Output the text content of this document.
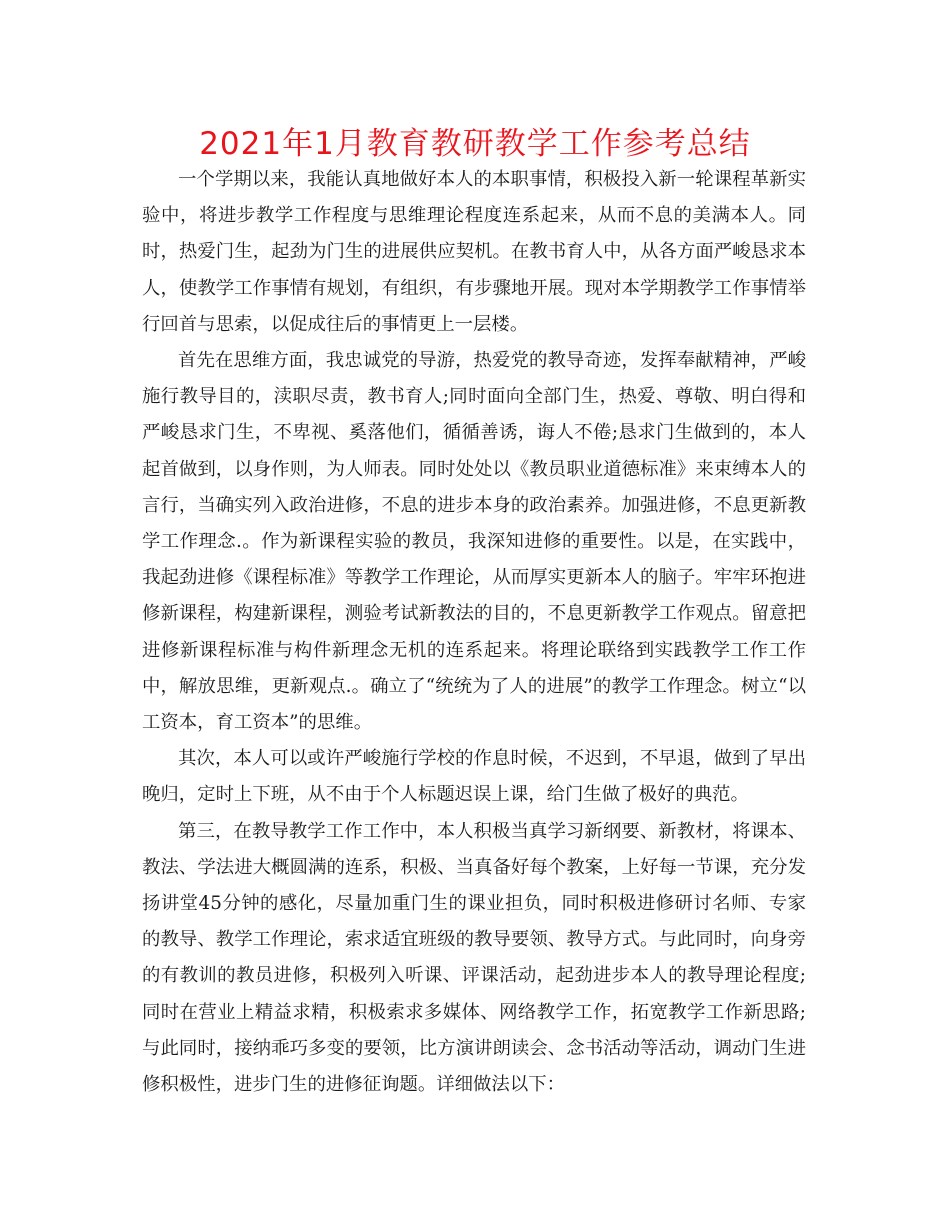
2021年1月教育教研教学工作参考总结

一个学期以来，我能认真地做好本人的本职事情，积极投入新一轮课程革新实验中，将进步教学工作程度与思维理论程度连系起来，从而不息的美满本人。同时，热爱门生，起劲为门生的进展供应契机。在教书育人中，从各方面严峻恳求本人，使教学工作事情有规划，有组织，有步骤地开展。现对本学期教学工作事情举行回首与思索，以促成往后的事情更上一层楼。

首先在思维方面，我忠诚党的导游，热爱党的教导奇迹，发挥奉献精神，严峻施行教导目的，渎职尽责，教书育人;同时面向全部门生，热爱、尊敬、明白得和严峻恳求门生，不卑视、奚落他们，循循善诱，诲人不倦;恳求门生做到的，本人起首做到，以身作则，为人师表。同时处处以《教员职业道德标准》来束缚本人的言行，当确实列入政治进修，不息的进步本身的政治素养。加强进修，不息更新教学工作理念.。作为新课程实验的教员，我深知进修的重要性。以是，在实践中，我起劲进修《课程标准》等教学工作理论，从而厚实更新本人的脑子。牢牢环抱进修新课程，构建新课程，测验考试新教法的目的，不息更新教学工作观点。留意把进修新课程标准与构件新理念无机的连系起来。将理论联络到实践教学工作工作中，解放思维，更新观点.。确立了“统统为了人的进展”的教学工作理念。树立“以工资本，育工资本”的思维。

其次，本人可以或许严峻施行学校的作息时候，不迟到，不早退，做到了早出晚归，定时上下班，从不由于个人标题迟误上课，给门生做了极好的典范。

第三，在教导教学工作工作中，本人积极当真学习新纲要、新教材，将课本、教法、学法进大概圆满的连系，积极、当真备好每个教案，上好每一节课，充分发扬讲堂45分钟的感化，尽量加重门生的课业担负，同时积极进修研讨名师、专家的教导、教学工作理论，索求适宜班级的教导要领、教导方式。与此同时，向身旁的有教训的教员进修，积极列入听课、评课活动，起劲进步本人的教导理论程度;同时在营业上精益求精，积极索求多媒体、网络教学工作，拓宽教学工作新思路;与此同时，接纳乖巧多变的要领，比方演讲朗读会、念书活动等活动，调动门生进修积极性，进步门生的进修征询题。详细做法以下：
